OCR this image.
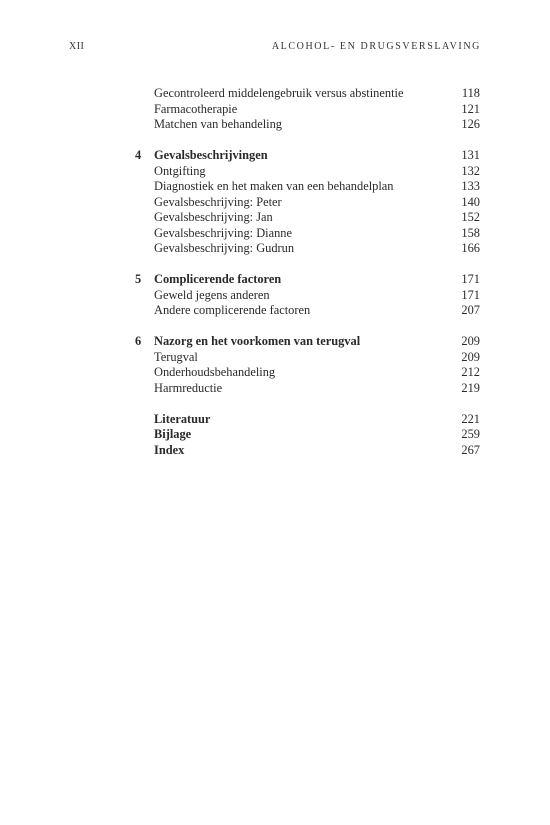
XII	ALCOHOL- EN DRUGSVERSLAVING
Gecontroleerd middelengebruik versus abstinentie	118
Farmacotherapie	121
Matchen van behandeling	126
4 Gevalsbeschrijvingen	131
Ontgifting	132
Diagnostiek en het maken van een behandelplan	133
Gevalsbeschrijving: Peter	140
Gevalsbeschrijving: Jan	152
Gevalsbeschrijving: Dianne	158
Gevalsbeschrijving: Gudrun	166
5 Complicerende factoren	171
Geweld jegens anderen	171
Andere complicerende factoren	207
6 Nazorg en het voorkomen van terugval	209
Terugval	209
Onderhoudsbehandeling	212
Harmreductie	219
Literatuur	221
Bijlage	259
Index	267
